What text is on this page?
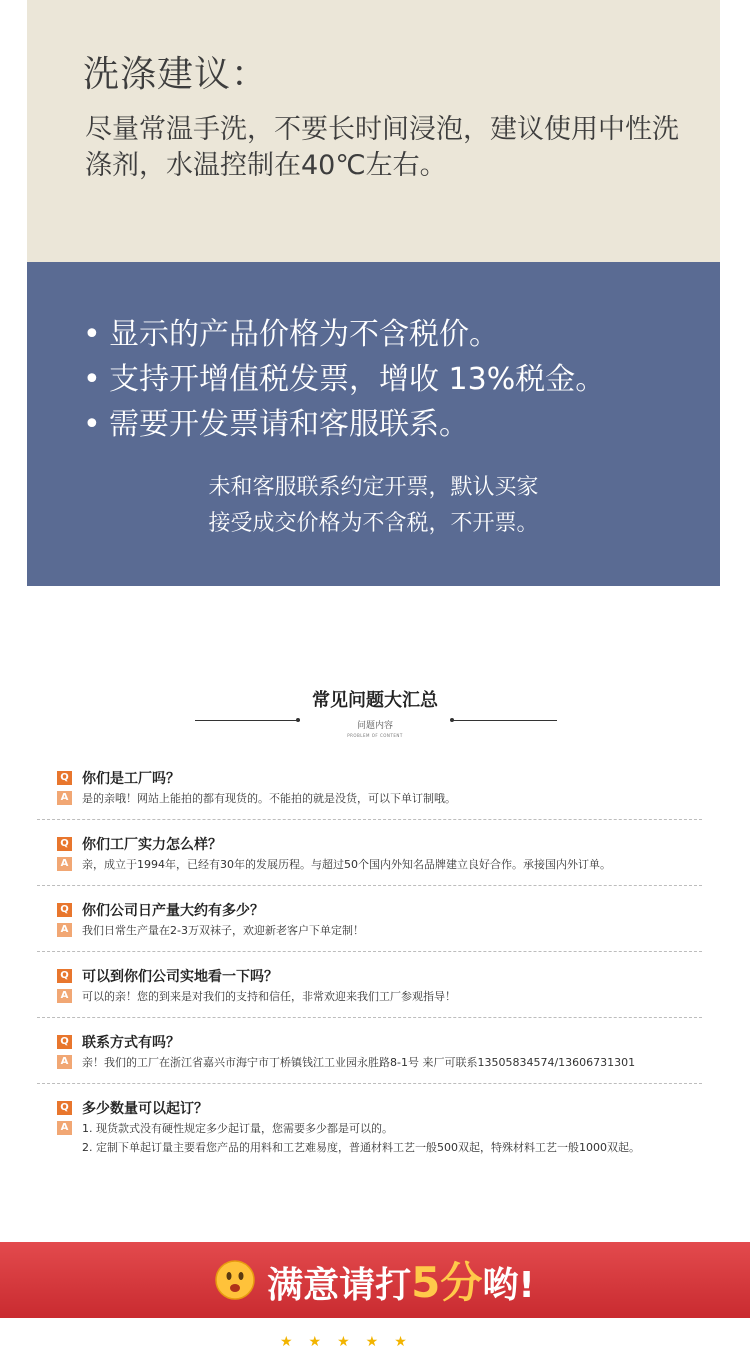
洗涤建议：
尽量常温手洗，不要长时间浸泡，建议使用中性洗涤剂，水温控制在40℃左右。
• 显示的产品价格为不含税价。
• 支持开增值税发票，增收 13%税金。
• 需要开发票请和客服联系。
未和客服联系约定开票，默认买家
接受成交价格为不含税，不开票。
常见问题大汇总
问题内容
PROBLEM OF CONTENT
Q 你们是工厂吗？
A	是的亲哦！网站上能拍的都有现货的。不能拍的就是没货，可以下单订制哦。
Q 你们工厂实力怎么样？
A	亲，成立于1994年，已经有30年的发展历程。与超过50个国内外知名品牌建立良好合作。承接国内外订单。
Q 你们公司日产量大约有多少？
A	我们日常生产量在2-3万双袜子，欢迎新老客户下单定制！
Q 可以到你们公司实地看一下吗？
A	可以的亲！您的到来是对我们的支持和信任，非常欢迎来我们工厂参观指导！
Q 联系方式有吗？
A	亲！我们的工厂在浙江省嘉兴市海宁市丁桥镇钱江工业园永胜路8-1号 来厂可联系13505834574/13606731301
Q 多少数量可以起订？
A	1. 现货款式没有硬性规定多少起订量，您需要多少都是可以的。
2. 定制下单起订量主要看您产品的用料和工艺难易度，普通材料工艺一般500双起，特殊材料工艺一般1000双起。
满意请打5分哟!
★★★★★
